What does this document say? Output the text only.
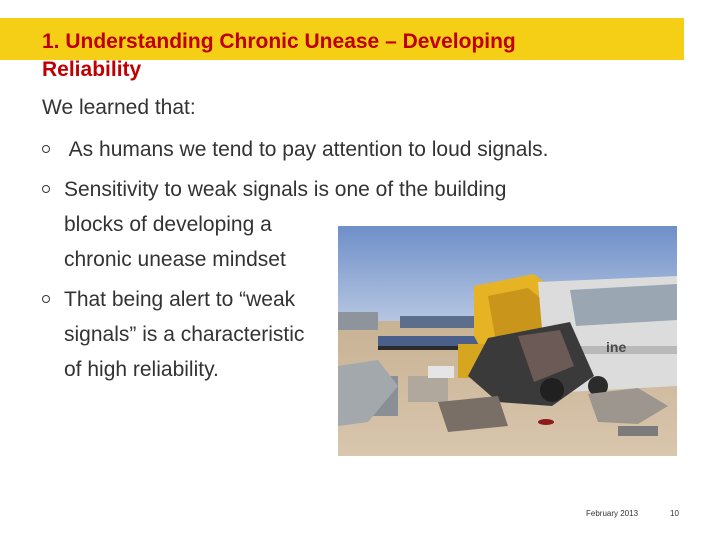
1. Understanding Chronic Unease – Developing
Reliability
We learned that:
As humans we tend to pay attention to loud signals.
Sensitivity to weak signals is one of the building
blocks of developing a
chronic unease mindset
That being alert to “weak
signals” is a characteristic
of high reliability.
ine
February 2013	10
